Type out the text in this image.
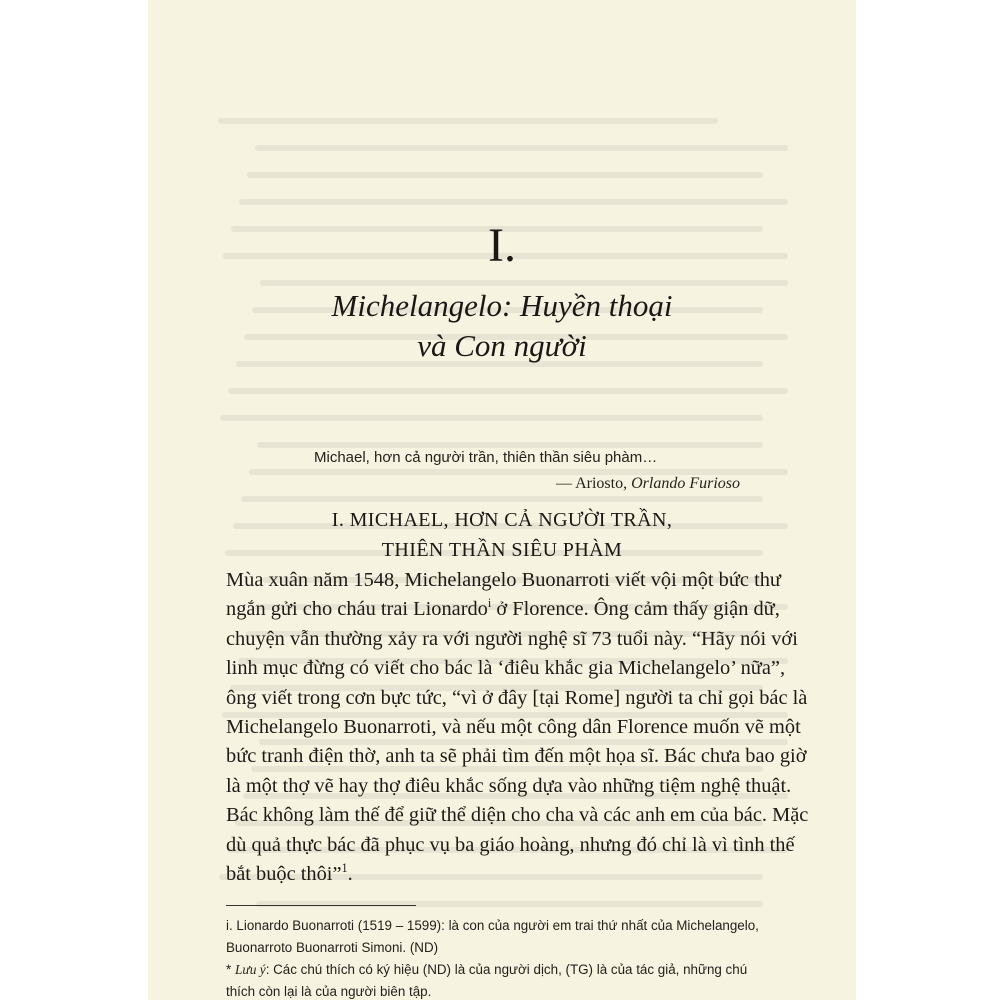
I.
Michelangelo: Huyền thoại
và Con người
Michael, hơn cả người trần, thiên thần siêu phàm…
— Ariosto, Orlando Furioso
I. MICHAEL, HƠN CẢ NGƯỜI TRẦN,
THIÊN THẦN SIÊU PHÀM
Mùa xuân năm 1548, Michelangelo Buonarroti viết vội một bức thư
ngắn gửi cho cháu trai Lionardo$^i$ ở Florence. Ông cảm thấy giận dữ,
chuyện vẫn thường xảy ra với người nghệ sĩ 73 tuổi này. “Hãy nói với
linh mục đừng có viết cho bác là ‘điêu khắc gia Michelangelo’ nữa”,
ông viết trong cơn bực tức, “vì ở đây [tại Rome] người ta chỉ gọi bác là
Michelangelo Buonarroti, và nếu một công dân Florence muốn vẽ một
bức tranh điện thờ, anh ta sẽ phải tìm đến một họa sĩ. Bác chưa bao giờ
là một thợ vẽ hay thợ điêu khắc sống dựa vào những tiệm nghệ thuật.
Bác không làm thế để giữ thể diện cho cha và các anh em của bác. Mặc
dù quả thực bác đã phục vụ ba giáo hoàng, nhưng đó chỉ là vì tình thế
bắt buộc thôi”$^1$.
i. Lionardo Buonarroti (1519 – 1599): là con của người em trai thứ nhất của Michelangelo,
Buonarroto Buonarroti Simoni. (ND)
* Lưu ý: Các chú thích có ký hiệu (ND) là của người dịch, (TG) là của tác giả, những chú
thích còn lại là của người biên tập.
